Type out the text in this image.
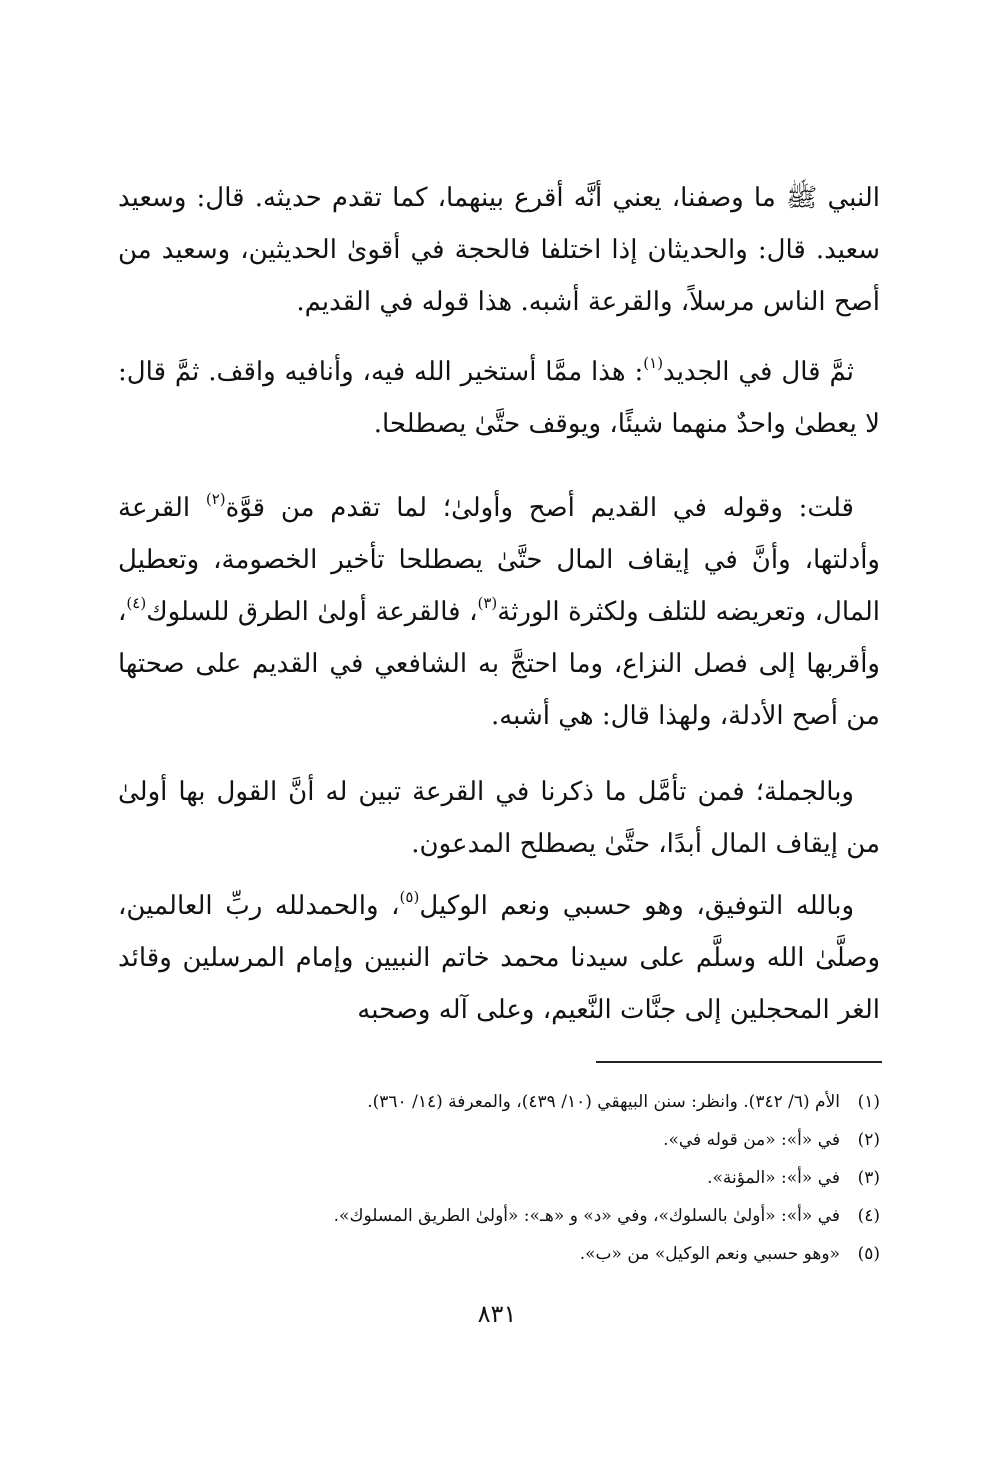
النبي ﷺ ما وصفنا، يعني أنَّه أقرع بينهما، كما تقدم حديثه. قال: وسعيد سعيد. قال: والحديثان إذا اختلفا فالحجة في أقوىٰ الحديثين، وسعيد من أصح الناس مرسلاً، والقرعة أشبه. هذا قوله في القديم.

ثمَّ قال في الجديد$^{(١)}$: هذا ممَّا أستخير الله فيه، وأنافيه واقف. ثمَّ قال: لا يعطىٰ واحدٌ منهما شيئًا، ويوقف حتَّىٰ يصطلحا.

قلت: وقوله في القديم أصح وأولىٰ؛ لما تقدم من قوَّة$^{(٢)}$ القرعة وأدلتها، وأنَّ في إيقاف المال حتَّىٰ يصطلحا تأخير الخصومة، وتعطيل المال، وتعريضه للتلف ولكثرة الورثة$^{(٣)}$، فالقرعة أولىٰ الطرق للسلوك$^{(٤)}$، وأقربها إلى فصل النزاع، وما احتجَّ به الشافعي في القديم على صحتها من أصح الأدلة، ولهذا قال: هي أشبه.

وبالجملة؛ فمن تأمَّل ما ذكرنا في القرعة تبين له أنَّ القول بها أولىٰ من إيقاف المال أبدًا، حتَّىٰ يصطلح المدعون.

وبالله التوفيق، وهو حسبي ونعم الوكيل$^{(٥)}$، والحمدلله ربِّ العالمين، وصلَّىٰ الله وسلَّم على سيدنا محمد خاتم النبيين وإمام المرسلين وقائد الغر المحجلين إلى جنَّات النَّعيم، وعلى آله وصحبه

(١)الأم (٦/ ٣٤٢). وانظر: سنن البيهقي (١٠/ ٤٣٩)، والمعرفة (١٤/ ٣٦٠).
(٢)في «أ»: «من قوله في».
(٣)في «أ»: «المؤنة».
(٤)في «أ»: «أولىٰ بالسلوك»، وفي «د» و «هـ»: «أولىٰ الطريق المسلوك».
(٥)«وهو حسبي ونعم الوكيل» من «ب».
٨٣١
